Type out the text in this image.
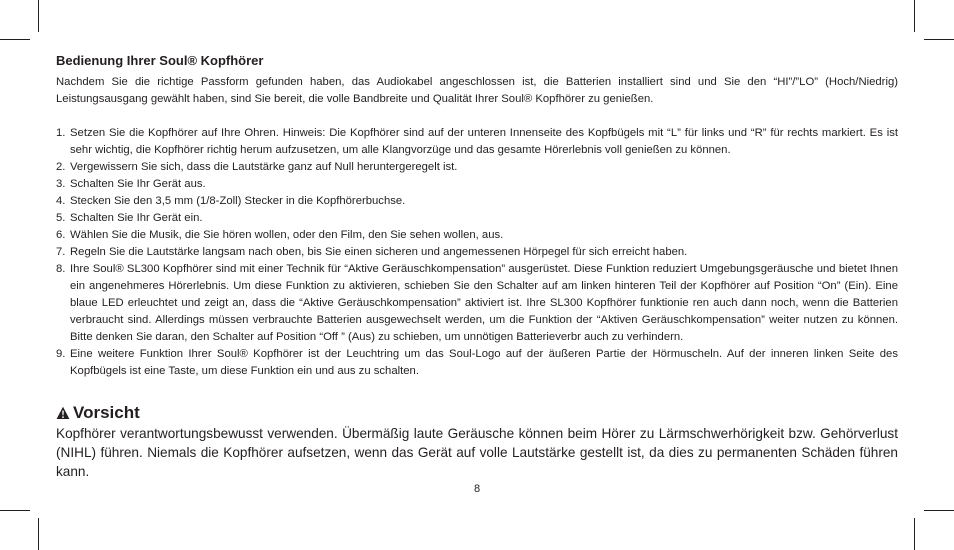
Bedienung Ihrer Soul® Kopfhörer

Nachdem Sie die richtige Passform gefunden haben, das Audiokabel angeschlossen ist, die Batterien installiert sind und Sie den “HI”/”LO” (Hoch/Niedrig) Leistungsausgang gewählt haben, sind Sie bereit, die volle Bandbreite und Qualität Ihrer Soul® Kopfhörer zu genießen.

1. Setzen Sie die Kopfhörer auf Ihre Ohren. Hinweis: Die Kopfhörer sind auf der unteren Innenseite des Kopfbügels mit “L” für links und “R” für rechts markiert. Es ist sehr wichtig, die Kopfhörer richtig herum aufzusetzen, um alle Klangvorzüge und das gesamte Hörerlebnis voll genießen zu können.
2. Vergewissern Sie sich, dass die Lautstärke ganz auf Null heruntergeregelt ist.
3. Schalten Sie Ihr Gerät aus.
4. Stecken Sie den 3,5 mm (1/8-Zoll) Stecker in die Kopfhörerbuchse.
5. Schalten Sie Ihr Gerät ein.
6. Wählen Sie die Musik, die Sie hören wollen, oder den Film, den Sie sehen wollen, aus.
7. Regeln Sie die Lautstärke langsam nach oben, bis Sie einen sicheren und angemessenen Hörpegel für sich erreicht haben.
8. Ihre Soul® SL300 Kopfhörer sind mit einer Technik für “Aktive Geräuschkompensation” ausgerüstet. Diese Funktion reduziert Umgebungsgeräusche und bietet Ihnen ein angenehmeres Hörerlebnis. Um diese Funktion zu aktivieren, schieben Sie den Schalter auf am linken hinteren Teil der Kopfhörer auf Position “On” (Ein). Eine blaue LED erleuchtet und zeigt an, dass die “Aktive Geräuschkompensation” aktiviert ist. Ihre SL300 Kopfhörer funktionie ren auch dann noch, wenn die Batterien verbraucht sind. Allerdings müssen verbrauchte Batterien ausgewechselt werden, um die Funktion der “Aktiven Geräuschkompensation” weiter nutzen zu können. Bitte denken Sie daran, den Schalter auf Position “Off ” (Aus) zu schieben, um unnötigen Batterieverbr auch zu verhindern.
9. Eine weitere Funktion Ihrer Soul® Kopfhörer ist der Leuchtring um das Soul-Logo auf der äußeren Partie der Hörmuscheln. Auf der inneren linken Seite des Kopfbügels ist eine Taste, um diese Funktion ein und aus zu schalten.
Vorsicht

Kopfhörer verantwortungsbewusst verwenden. Übermäßig laute Geräusche können beim Hörer zu Lärmschwerhörigkeit bzw. Gehörverlust (NIHL) führen. Niemals die Kopfhörer aufsetzen, wenn das Gerät auf volle Lautstärke gestellt ist, da dies zu permanenten Schäden führen kann.

8
